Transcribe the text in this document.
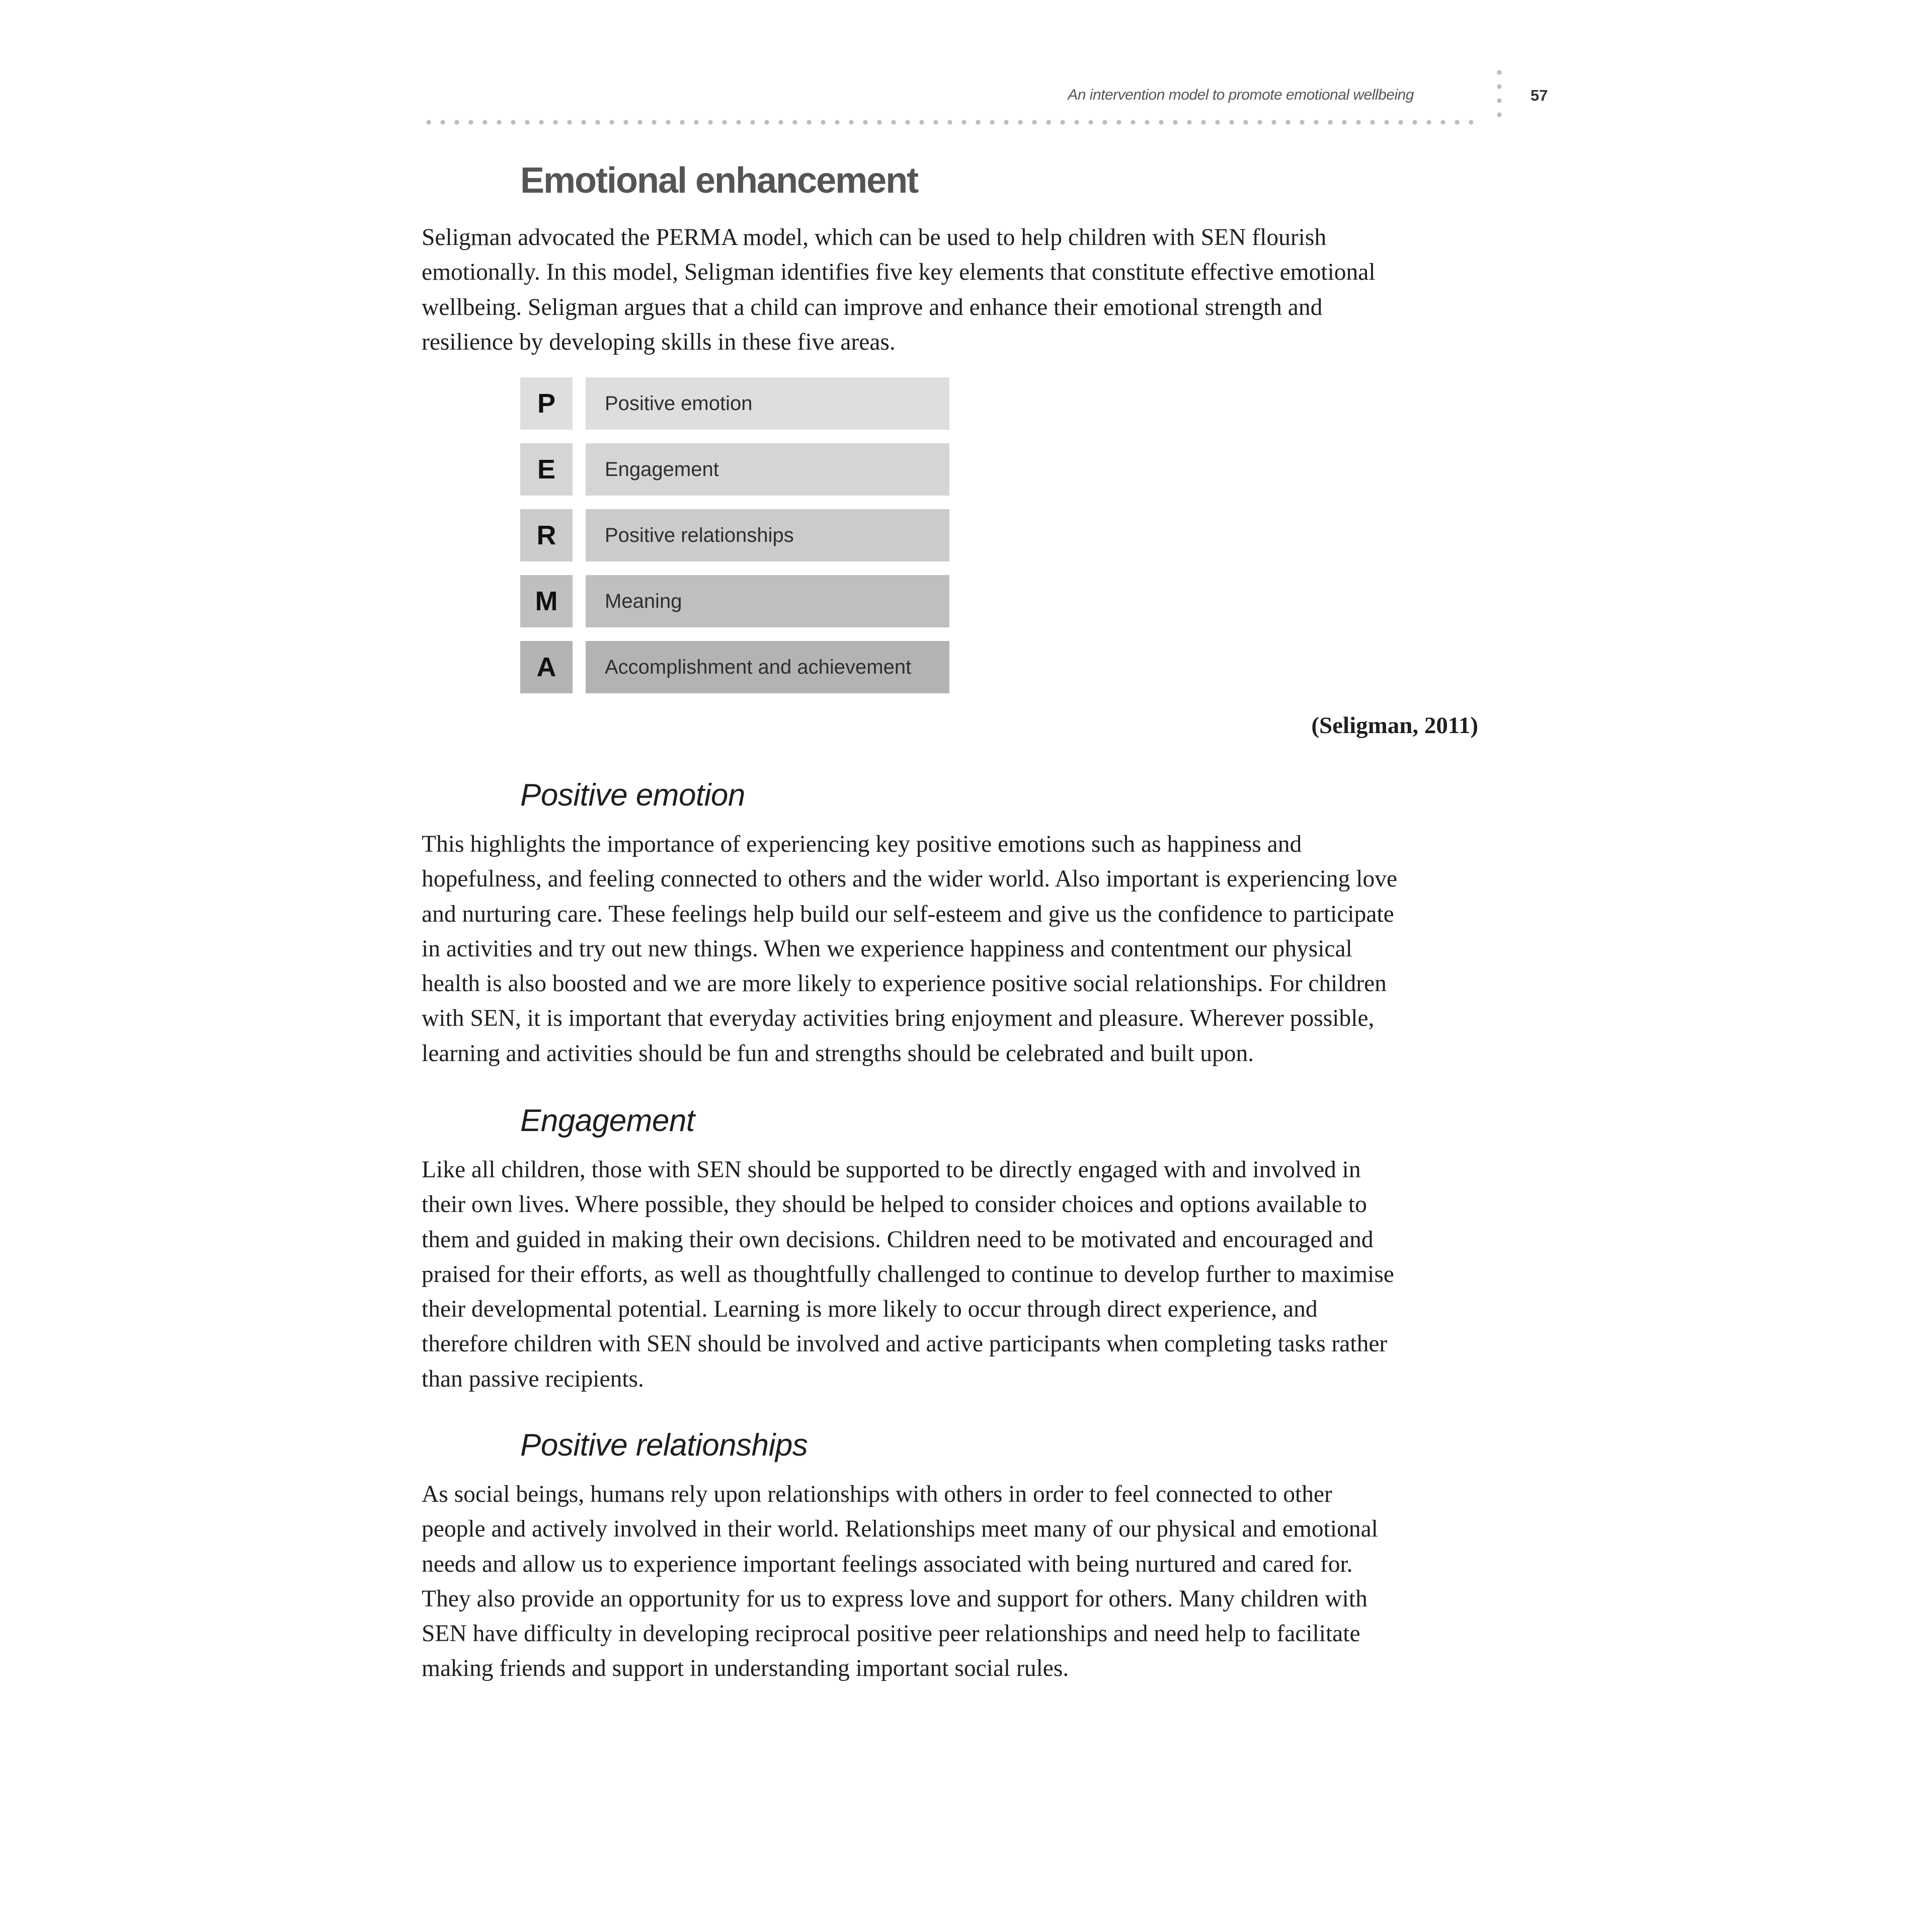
An intervention model to promote emotional wellbeing	57
Emotional enhancement

Seligman advocated the PERMA model, which can be used to help children with SEN flourish
emotionally. In this model, Seligman identifies five key elements that constitute effective emotional
wellbeing. Seligman argues that a child can improve and enhance their emotional strength and
resilience by developing skills in these five areas.

P	Positive emotion
E	Engagement
R	Positive relationships
M	Meaning
A	Accomplishment and achievement
(Seligman, 2011)
Positive emotion

This highlights the importance of experiencing key positive emotions such as happiness and
hopefulness, and feeling connected to others and the wider world. Also important is experiencing love
and nurturing care. These feelings help build our self-esteem and give us the confidence to participate
in activities and try out new things. When we experience happiness and contentment our physical
health is also boosted and we are more likely to experience positive social relationships. For children
with SEN, it is important that everyday activities bring enjoyment and pleasure. Wherever possible,
learning and activities should be fun and strengths should be celebrated and built upon.

Engagement

Like all children, those with SEN should be supported to be directly engaged with and involved in
their own lives. Where possible, they should be helped to consider choices and options available to
them and guided in making their own decisions. Children need to be motivated and encouraged and
praised for their efforts, as well as thoughtfully challenged to continue to develop further to maximise
their developmental potential. Learning is more likely to occur through direct experience, and
therefore children with SEN should be involved and active participants when completing tasks rather
than passive recipients.

Positive relationships

As social beings, humans rely upon relationships with others in order to feel connected to other
people and actively involved in their world. Relationships meet many of our physical and emotional
needs and allow us to experience important feelings associated with being nurtured and cared for.
They also provide an opportunity for us to express love and support for others. Many children with
SEN have difficulty in developing reciprocal positive peer relationships and need help to facilitate
making friends and support in understanding important social rules.
